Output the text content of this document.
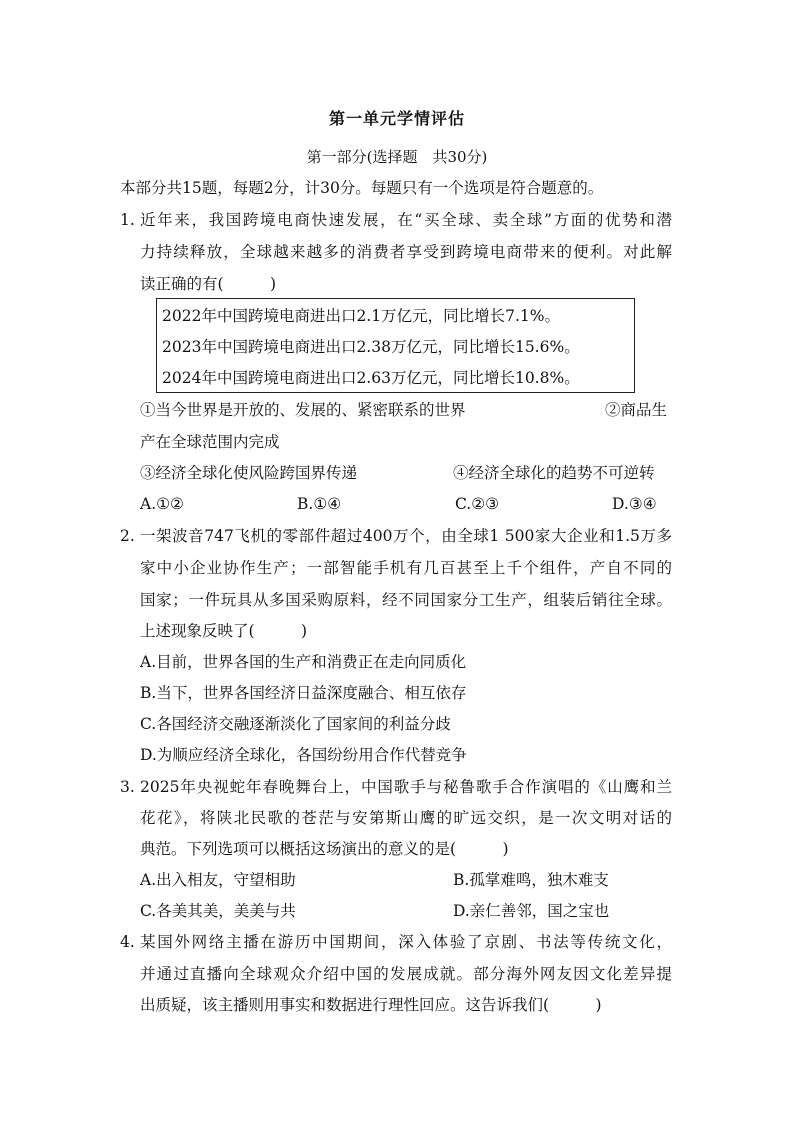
第一单元学情评估
第一部分(选择题　共30分)
本部分共15题，每题2分，计30分。每题只有一个选项是符合题意的。
1. 近年来，我国跨境电商快速发展，在“买全球、卖全球”方面的优势和潜
力持续释放，全球越来越多的消费者享受到跨境电商带来的便利。对此解
读正确的有(　　　)
2022年中国跨境电商进出口2.1万亿元，同比增长7.1%。
2023年中国跨境电商进出口2.38万亿元，同比增长15.6%。
2024年中国跨境电商进出口2.63万亿元，同比增长10.8%。
①当今世界是开放的、发展的、紧密联系的世界	②商品生
产在全球范围内完成
③经济全球化使风险跨国界传递	④经济全球化的趋势不可逆转
A.①②	B.①④	C.②③	D.③④
2. 一架波音747飞机的零部件超过400万个，由全球1 500家大企业和1.5万多
家中小企业协作生产；一部智能手机有几百甚至上千个组件，产自不同的
国家；一件玩具从多国采购原料，经不同国家分工生产，组装后销往全球。
上述现象反映了(　　　)
A.目前，世界各国的生产和消费正在走向同质化
B.当下，世界各国经济日益深度融合、相互依存
C.各国经济交融逐渐淡化了国家间的利益分歧
D.为顺应经济全球化，各国纷纷用合作代替竞争
3. 2025年央视蛇年春晚舞台上，中国歌手与秘鲁歌手合作演唱的《山鹰和兰
花花》，将陕北民歌的苍茫与安第斯山鹰的旷远交织，是一次文明对话的
典范。下列选项可以概括这场演出的意义的是(　　　)
A.出入相友，守望相助	B.孤掌难鸣，独木难支
C.各美其美，美美与共	D.亲仁善邻，国之宝也
4. 某国外网络主播在游历中国期间，深入体验了京剧、书法等传统文化，
并通过直播向全球观众介绍中国的发展成就。部分海外网友因文化差异提
出质疑，该主播则用事实和数据进行理性回应。这告诉我们(　　　)
